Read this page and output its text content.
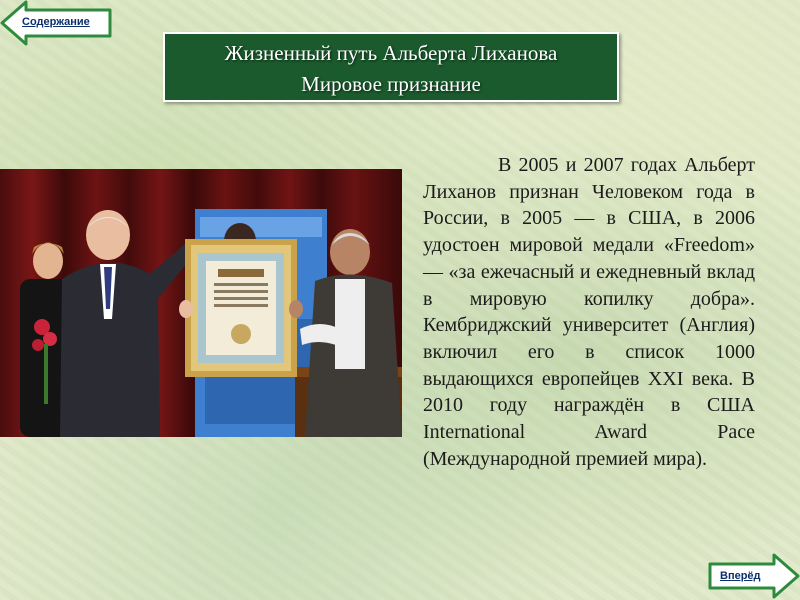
Содержание
Жизненный путь Альберта Лиханова
Мировое признание
В 2005 и 2007 годах Альберт Лиханов признан Человеком года в России, в 2005 — в США, в 2006 удостоен мировой медали «Freedom» — «за ежечасный и ежедневный вклад в мировую копилку добра». Кембриджский университет (Англия) включил его в список 1000 выдающихся европейцев XXI века. В 2010 году награждён в США International Award Pace (Международной премией мира).
Вперёд
